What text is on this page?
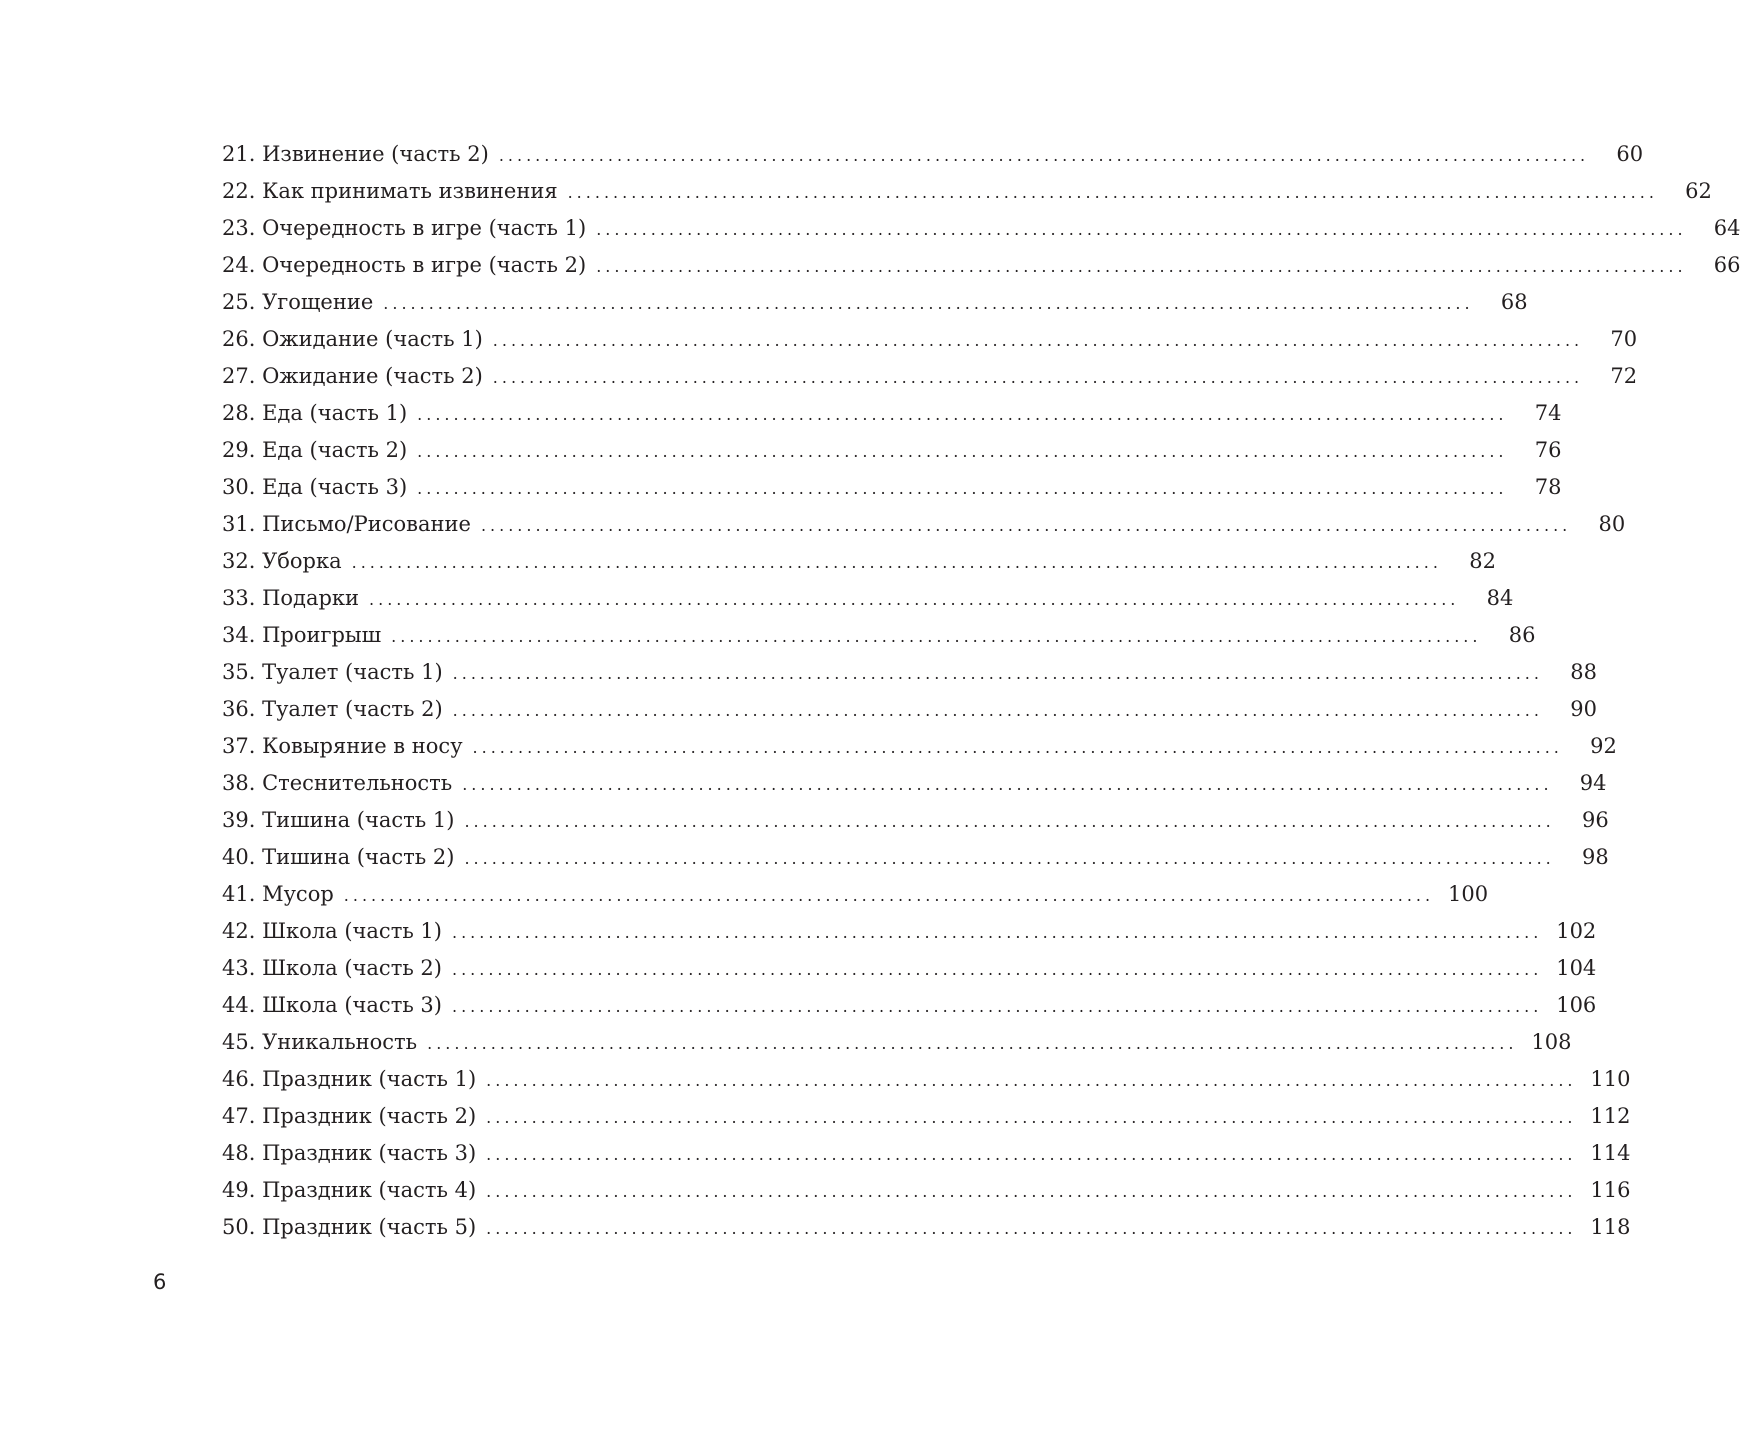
21. Извинение (часть 2) ........................................................................................................................	60
22. Как принимать извинения ........................................................................................................................	62
23. Очередность в игре (часть 1) ........................................................................................................................	64
24. Очередность в игре (часть 2) ........................................................................................................................	66
25. Угощение ........................................................................................................................	68
26. Ожидание (часть 1) ........................................................................................................................	70
27. Ожидание (часть 2) ........................................................................................................................	72
28. Еда (часть 1) ........................................................................................................................	74
29. Еда (часть 2) ........................................................................................................................	76
30. Еда (часть 3) ........................................................................................................................	78
31. Письмо/Рисование ........................................................................................................................	80
32. Уборка ........................................................................................................................	82
33. Подарки ........................................................................................................................	84
34. Проигрыш ........................................................................................................................	86
35. Туалет (часть 1) ........................................................................................................................	88
36. Туалет (часть 2) ........................................................................................................................	90
37. Ковыряние в носу ........................................................................................................................	92
38. Стеснительность ........................................................................................................................	94
39. Тишина (часть 1) ........................................................................................................................	96
40. Тишина (часть 2) ........................................................................................................................	98
41. Мусор ........................................................................................................................ 100
42. Школа (часть 1) ........................................................................................................................ 102
43. Школа (часть 2) ........................................................................................................................ 104
44. Школа (часть 3) ........................................................................................................................ 106
45. Уникальность ........................................................................................................................ 108
46. Праздник (часть 1) ........................................................................................................................ 110
47. Праздник (часть 2) ........................................................................................................................ 112
48. Праздник (часть 3) ........................................................................................................................ 114
49. Праздник (часть 4) ........................................................................................................................ 116
50. Праздник (часть 5) ........................................................................................................................ 118
6
